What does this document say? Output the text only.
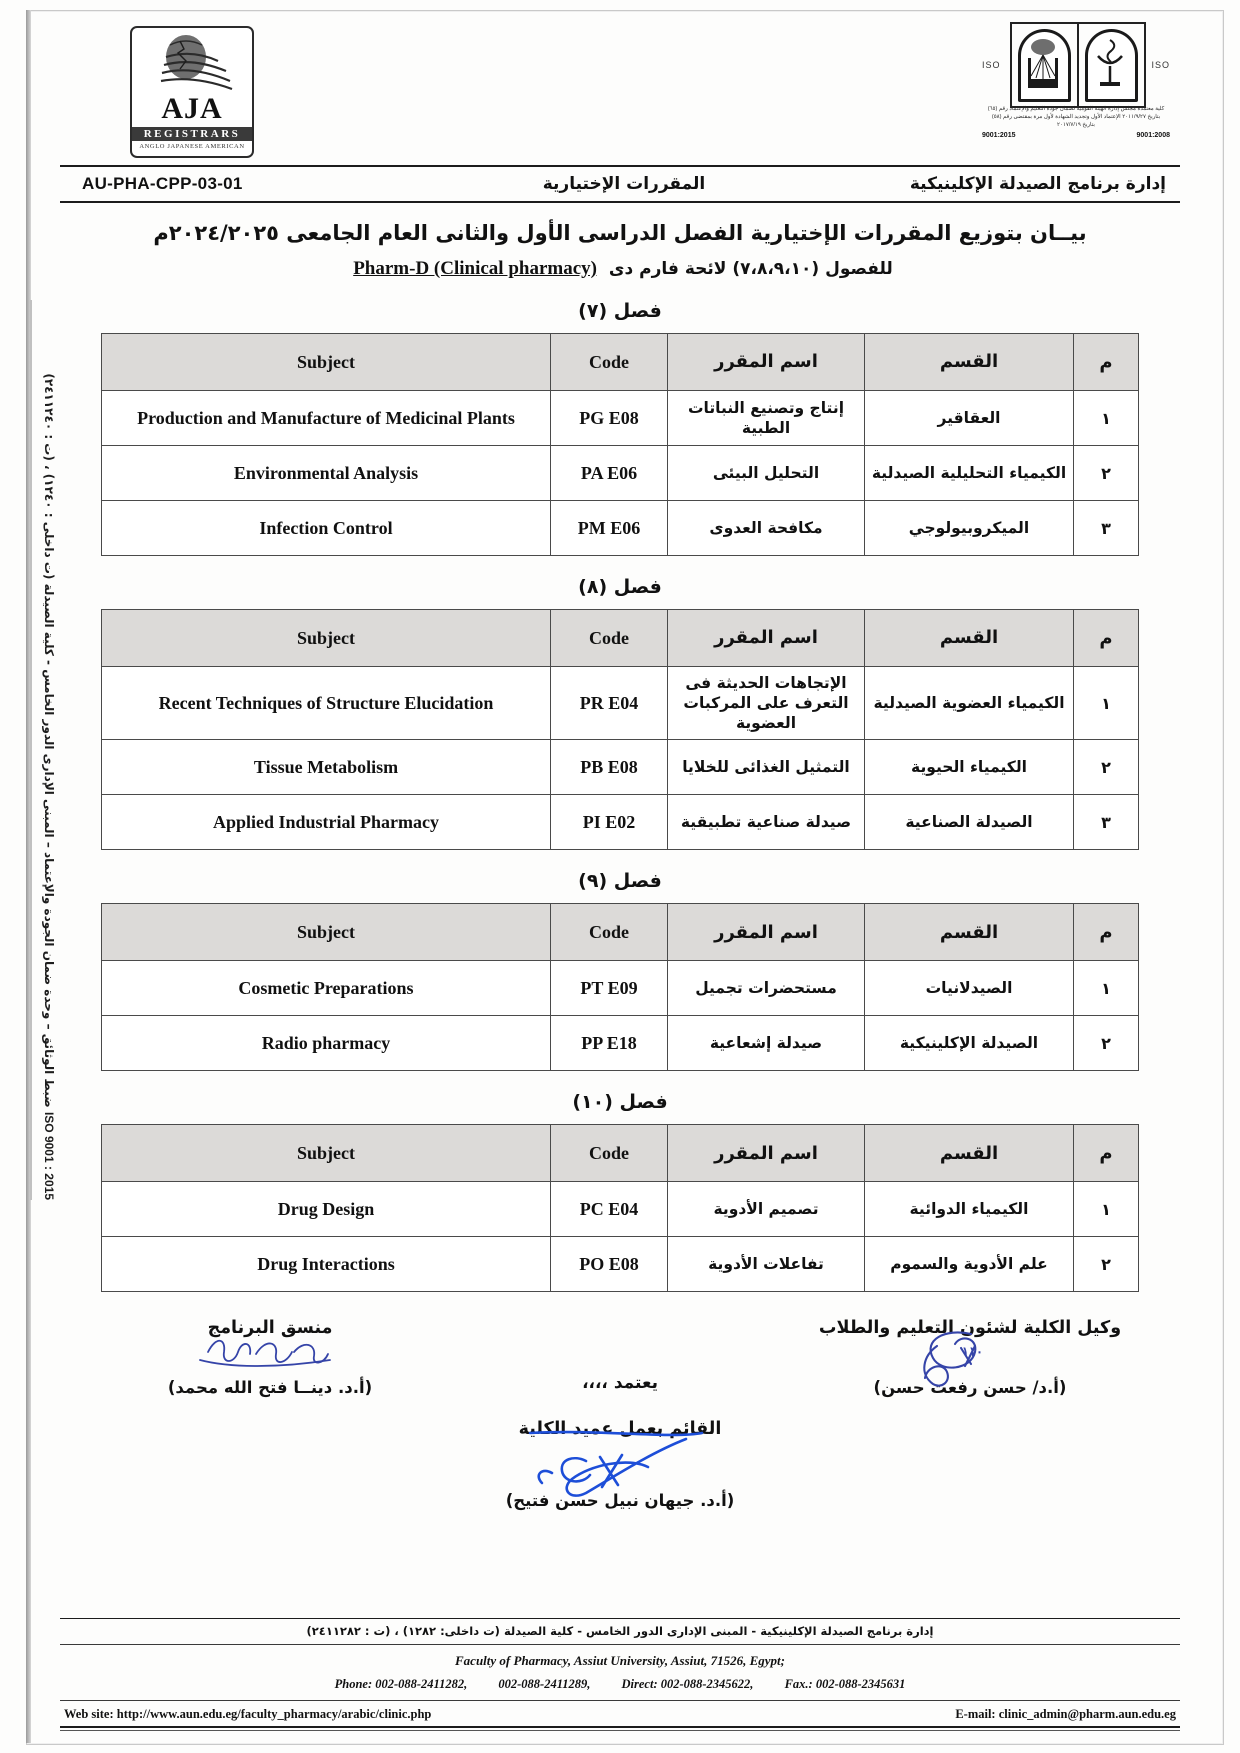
ISO 9001 : 2015 ضبط الوثائق – وحدة ضمان الجودة والإعتماد – المبنى الإدارى الدور الخامس - كلية الصيدلة (ت داخلى : ١٢٤٠) ، (ت : ٢٤١١٢٤٠)
AJA
REGISTRARS
ANGLO JAPANESE AMERICAN
ISO	ISO
كلية معتمدة مجلس إدارة الهيئة القومية لضمان جودة التعليم والإعتماد رقم (٦٥) بتاريخ ٢٠١١/٩/٢٧ الإعتماد الأول وتجديد الشهادة لأول مرة بمقتضى رقم (٥٨) بتاريخ ٢٠١٧/٧/١٩
9001:2015	9001:2008
AU-PHA-CPP-03-01	المقررات الإختيارية	إدارة برنامج الصيدلة الإكلينيكية
بيــان بتوزيع المقررات الإختيارية الفصل الدراسى الأول والثانى العام الجامعى ٢٠٢٤/٢٠٢٥م
للفصول (٧،٨،٩،١٠) لائحة فارم دى Pharm-D (Clinical pharmacy)
فصل (٧)
Subject	Code	اسم المقرر	القسم	م
Production and Manufacture of Medicinal Plants	PG E08	إنتاج وتصنيع النباتات الطبية	العقاقير	١
Environmental Analysis	PA E06	التحليل البيئى	الكيمياء التحليلية الصيدلية	٢
Infection Control	PM E06	مكافحة العدوى	الميكروبيولوجي	٣
فصل (٨)
Subject	Code	اسم المقرر	القسم	م
Recent Techniques of Structure Elucidation	PR E04	الإتجاهات الحديثة فى التعرف على المركبات العضوية	الكيمياء العضوية الصيدلية	١
Tissue Metabolism	PB E08	التمثيل الغذائى للخلايا	الكيمياء الحيوية	٢
Applied Industrial Pharmacy	PI E02	صيدلة صناعية تطبيقية	الصيدلة الصناعية	٣
فصل (٩)
Subject	Code	اسم المقرر	القسم	م
Cosmetic Preparations	PT E09	مستحضرات تجميل	الصيدلانيات	١
Radio pharmacy	PP E18	صيدلة إشعاعية	الصيدلة الإكلينيكية	٢
فصل (١٠)
Subject	Code	اسم المقرر	القسم	م
Drug Design	PC E04	تصميم الأدوية	الكيمياء الدوائية	١
Drug Interactions	PO E08	تفاعلات الأدوية	علم الأدوية والسموم	٢
وكيل الكلية لشئون التعليم والطلاب
١١٠
(أ.د/ حسن رفعت حسن)
يعتمد ،،،،
منسق البرنامج
(أ.د. دينــا فتح الله محمد)
القائم بعمل عميد الكلية
(أ.د. جيهان نبيل حسن فتيح)
إدارة برنامج الصيدلة الإكلينيكية - المبنى الإدارى الدور الخامس - كلية الصيدلة (ت داخلى: ١٢٨٢) ، (ت : ٢٤١١٢٨٢)
Faculty of Pharmacy, Assiut University, Assiut, 71526, Egypt;
Phone: 002-088-2411282, 002-088-2411289, Direct: 002-088-2345622, Fax.: 002-088-2345631
Web site: http://www.aun.edu.eg/faculty_pharmacy/arabic/clinic.php	E-mail: clinic_admin@pharm.aun.edu.eg
